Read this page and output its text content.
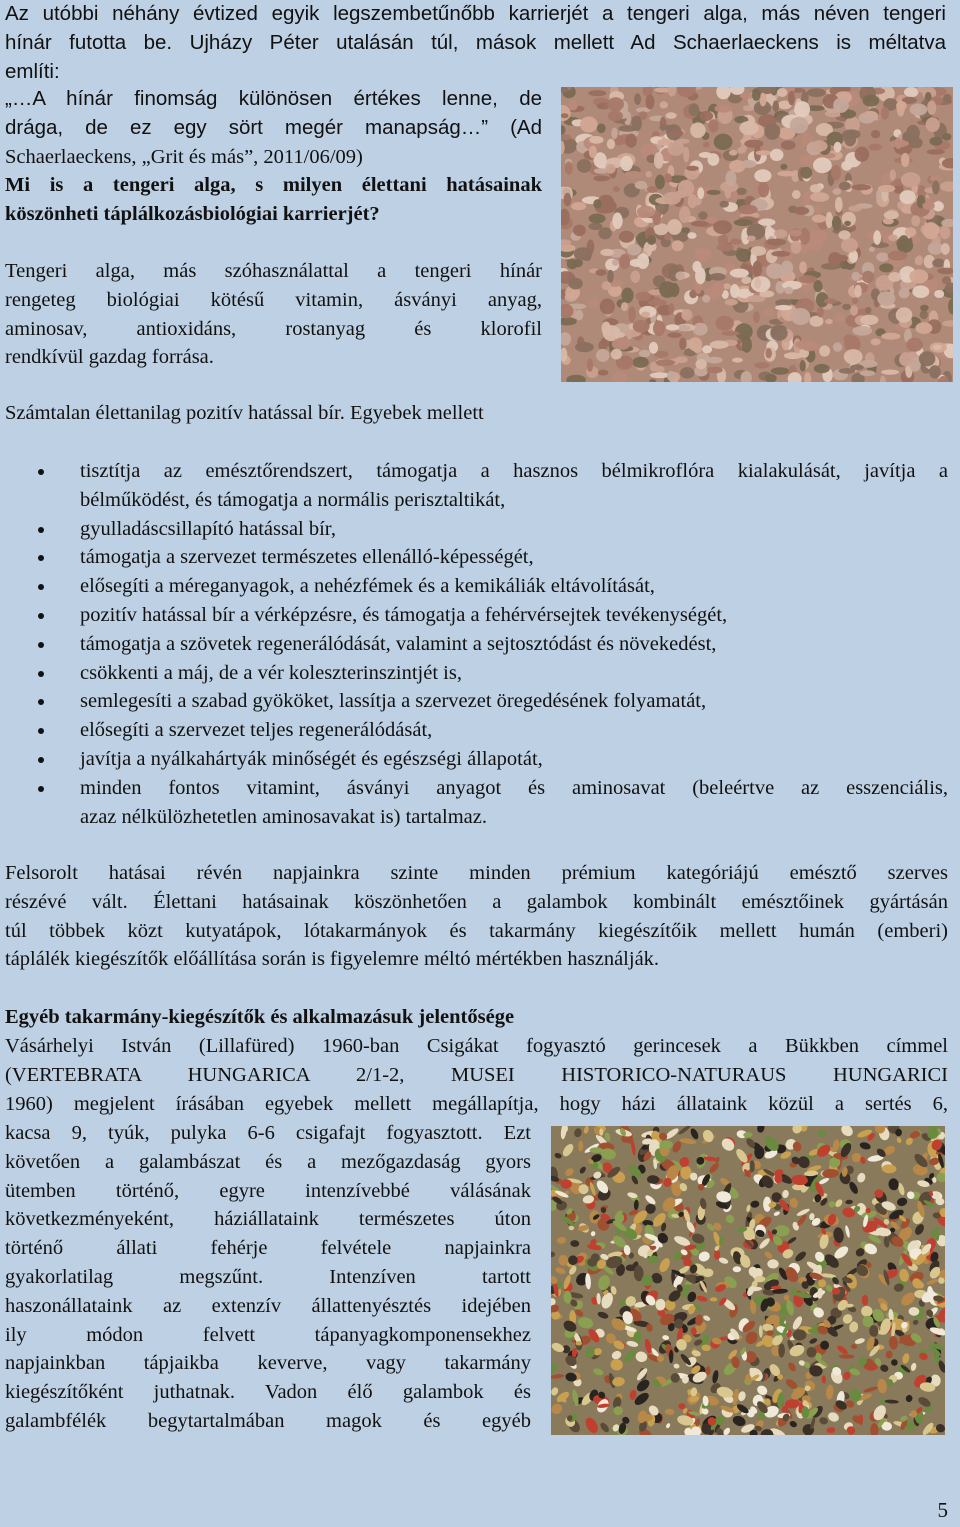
Az utóbbi néhány évtized egyik legszembetűnőbb karrierjét a tengeri alga, más néven tengeri
hínár futotta be. Ujházy Péter utalásán túl, mások mellett Ad Schaerlaeckens is méltatva
említi:
„…A hínár finomság különösen értékes lenne, de
drága, de ez egy sört megér manapság…” (Ad
Schaerlaeckens, „Grit és más”, 2011/06/09)
Mi is a tengeri alga, s milyen élettani hatásainak
köszönheti táplálkozásbiológiai karrierjét?
Tengeri alga, más szóhasználattal a tengeri hínár
rengeteg biológiai kötésű vitamin, ásványi anyag,
aminosav, antioxidáns, rostanyag és klorofil
rendkívül gazdag forrása.
Számtalan élettanilag pozitív hatással bír. Egyebek mellett
tisztítja az emésztőrendszert, támogatja a hasznos bélmikroflóra kialakulását, javítja a
bélműködést, és támogatja a normális perisztaltikát,
gyulladáscsillapító hatással bír,
támogatja a szervezet természetes ellenálló-képességét,
elősegíti a méreganyagok, a nehézfémek és a kemikáliák eltávolítását,
pozitív hatással bír a vérképzésre, és támogatja a fehérvérsejtek tevékenységét,
támogatja a szövetek regenerálódását, valamint a sejtosztódást és növekedést,
csökkenti a máj, de a vér koleszterinszintjét is,
semlegesíti a szabad gyököket, lassítja a szervezet öregedésének folyamatát,
elősegíti a szervezet teljes regenerálódását,
javítja a nyálkahártyák minőségét és egészségi állapotát,
minden fontos vitamint, ásványi anyagot és aminosavat (beleértve az esszenciális,
azaz nélkülözhetetlen aminosavakat is) tartalmaz.
Felsorolt hatásai révén napjainkra szinte minden prémium kategóriájú emésztő szerves
részévé vált. Élettani hatásainak köszönhetően a galambok kombinált emésztőinek gyártásán
túl többek közt kutyatápok, lótakarmányok és takarmány kiegészítőik mellett humán (emberi)
táplálék kiegészítők előállítása során is figyelemre méltó mértékben használják.
Egyéb takarmány-kiegészítők és alkalmazásuk jelentősége
Vásárhelyi István (Lillafüred) 1960-ban Csigákat fogyasztó gerincesek a Bükkben címmel
(VERTEBRATA HUNGARICA 2/1-2, MUSEI HISTORICO-NATURAUS HUNGARICI
1960) megjelent írásában egyebek mellett megállapítja, hogy házi állataink közül a sertés 6,
kacsa 9, tyúk, pulyka 6-6 csigafajt fogyasztott. Ezt
követően a galambászat és a mezőgazdaság gyors
ütemben történő, egyre intenzívebbé válásának
következményeként, háziállataink természetes úton
történő állati fehérje felvétele napjainkra
gyakorlatilag megszűnt. Intenzíven tartott
haszonállataink az extenzív állattenyésztés idejében
ily módon felvett tápanyagkomponensekhez
napjainkban tápjaikba keverve, vagy takarmány
kiegészítőként juthatnak. Vadon élő galambok és
galambfélék begytartalmában magok és egyéb
5
